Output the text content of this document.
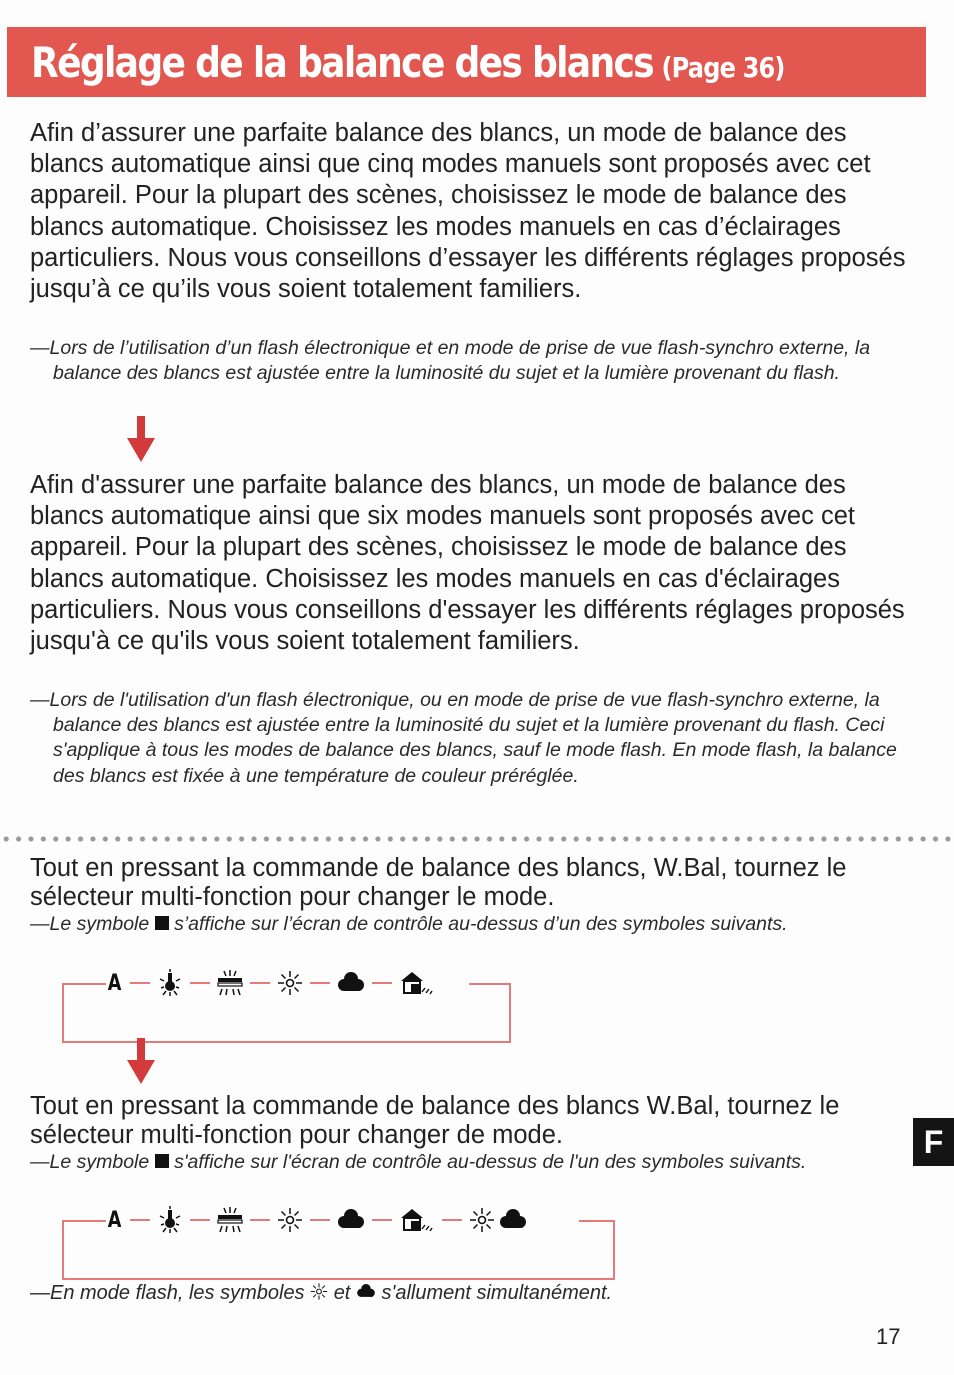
Réglage de la balance des blancs (Page 36)

Afin d’assurer une parfaite balance des blancs, un mode de balance des blancs automatique ainsi que cinq modes manuels sont proposés avec cet appareil. Pour la plupart des scènes, choisissez le mode de balance des blancs automatique. Choisissez les modes manuels en cas d’éclairages particuliers. Nous vous conseillons d’essayer les différents réglages proposés jusqu’à ce qu’ils vous soient totalement familiers.

—Lors de l’utilisation d’un flash électronique et en mode de prise de vue flash-synchro externe, la balance des blancs est ajustée entre la luminosité du sujet et la lumière provenant du flash.

Afin d'assurer une parfaite balance des blancs, un mode de balance des blancs automatique ainsi que six modes manuels sont proposés avec cet appareil. Pour la plupart des scènes, choisissez le mode de balance des blancs automatique. Choisissez les modes manuels en cas d'éclairages particuliers. Nous vous conseillons d'essayer les différents réglages proposés jusqu'à ce qu'ils vous soient totalement familiers.

—Lors de l'utilisation d'un flash électronique, ou en mode de prise de vue flash-synchro externe, la balance des blancs est ajustée entre la luminosité du sujet et la lumière provenant du flash. Ceci s'applique à tous les modes de balance des blancs, sauf le mode flash. En mode flash, la balance des blancs est fixée à une température de couleur préréglée.

Tout en pressant la commande de balance des blancs, W.Bal, tournez le sélecteur multi-fonction pour changer le mode.

—Le symbole s’affiche sur l’écran de contrôle au-dessus d’un des symboles suivants.

A

Tout en pressant la commande de balance des blancs W.Bal, tournez le sélecteur multi-fonction pour changer de mode.

—Le symbole s'affiche sur l'écran de contrôle au-dessus de l'un des symboles suivants.

A

—En mode flash, les symboles et s'allument simultanément.

F
17
